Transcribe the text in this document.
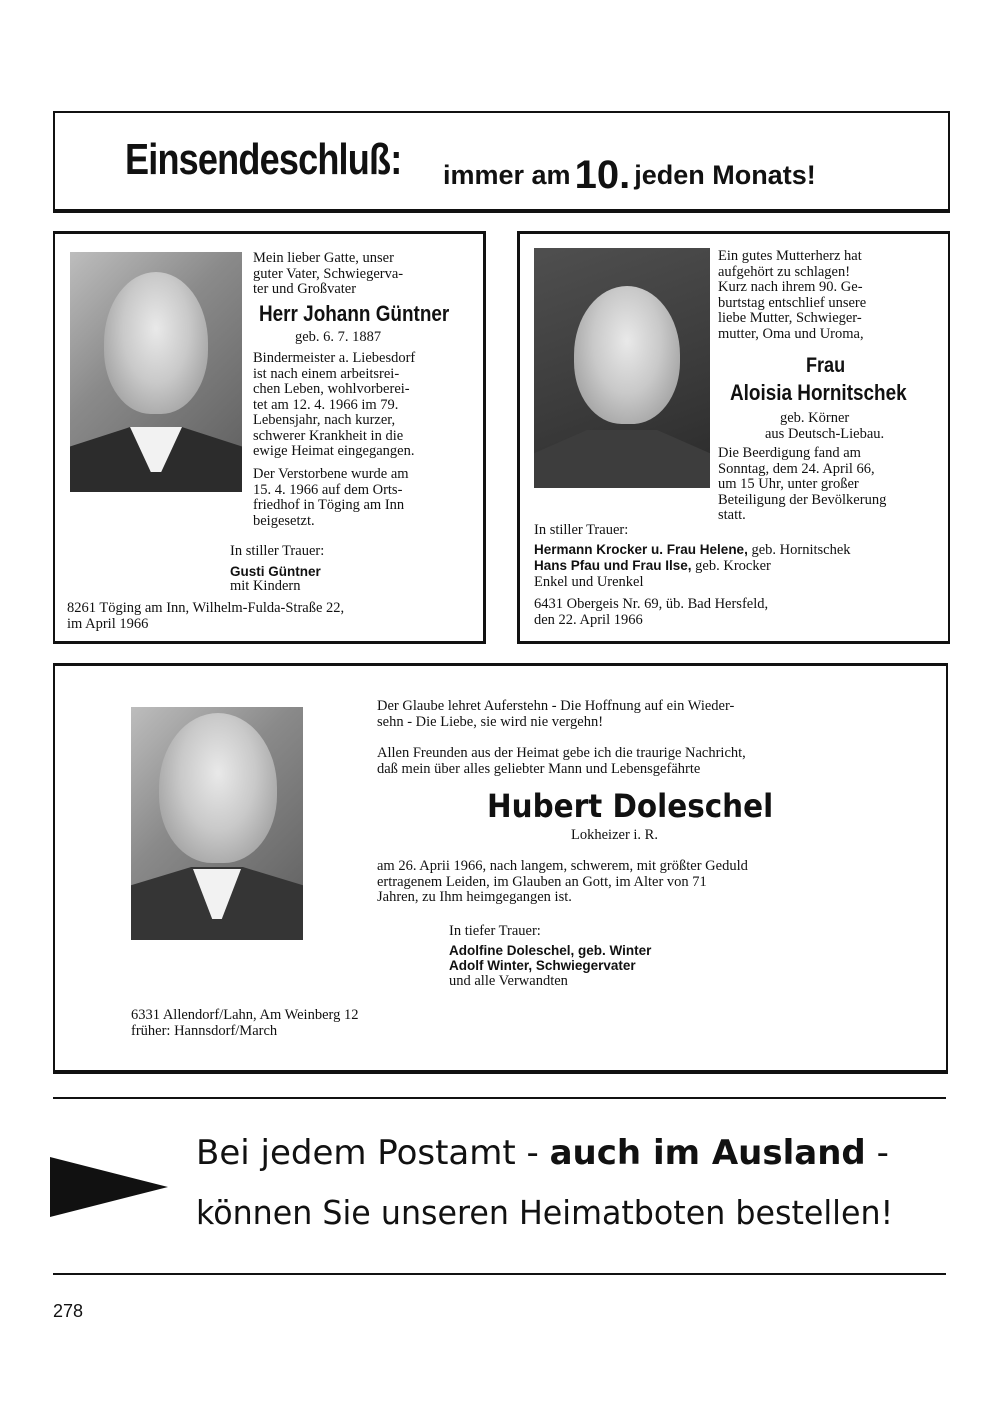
Einsendeschluß: immer am 10. jeden Monats!
Mein lieber Gatte, unser
guter Vater, Schwiegerva-
ter und Großvater
Herr Johann Güntner
geb. 6. 7. 1887
Bindermeister a. Liebesdorf
ist nach einem arbeitsrei-
chen Leben, wohlvorberei-
tet am 12. 4. 1966 im 79.
Lebensjahr, nach kurzer,
schwerer Krankheit in die
ewige Heimat eingegangen.
Der Verstorbene wurde am
15. 4. 1966 auf dem Orts-
friedhof in Töging am Inn
beigesetzt.
In stiller Trauer:
Gusti Güntner
mit Kindern
8261 Töging am Inn, Wilhelm-Fulda-Straße 22,
im April 1966
Ein gutes Mutterherz hat
aufgehört zu schlagen!
Kurz nach ihrem 90. Ge-
burtstag entschlief unsere
liebe Mutter, Schwieger-
mutter, Oma und Uroma,
Frau
Aloisia Hornitschek
geb. Körner
aus Deutsch-Liebau.
Die Beerdigung fand am
Sonntag, dem 24. April 66,
um 15 Uhr, unter großer
Beteiligung der Bevölkerung
statt.
In stiller Trauer:
Hermann Krocker u. Frau Helene, geb. Hornitschek
Hans Pfau und Frau Ilse, geb. Krocker
Enkel und Urenkel
6431 Obergeis Nr. 69, üb. Bad Hersfeld,
den 22. April 1966
Der Glaube lehret Auferstehn - Die Hoffnung auf ein Wieder-
sehn - Die Liebe, sie wird nie vergehn!
Allen Freunden aus der Heimat gebe ich die traurige Nachricht,
daß mein über alles geliebter Mann und Lebensgefährte
Hubert Doleschel
Lokheizer i. R.
am 26. Aprii 1966, nach langem, schwerem, mit größter Geduld
ertragenem Leiden, im Glauben an Gott, im Alter von 71
Jahren, zu Ihm heimgegangen ist.
In tiefer Trauer:
Adolfine Doleschel, geb. Winter
Adolf Winter, Schwiegervater
und alle Verwandten
6331 Allendorf/Lahn, Am Weinberg 12
früher: Hannsdorf/March
Bei jedem Postamt - auch im Ausland -
können Sie unseren Heimatboten bestellen!
278
